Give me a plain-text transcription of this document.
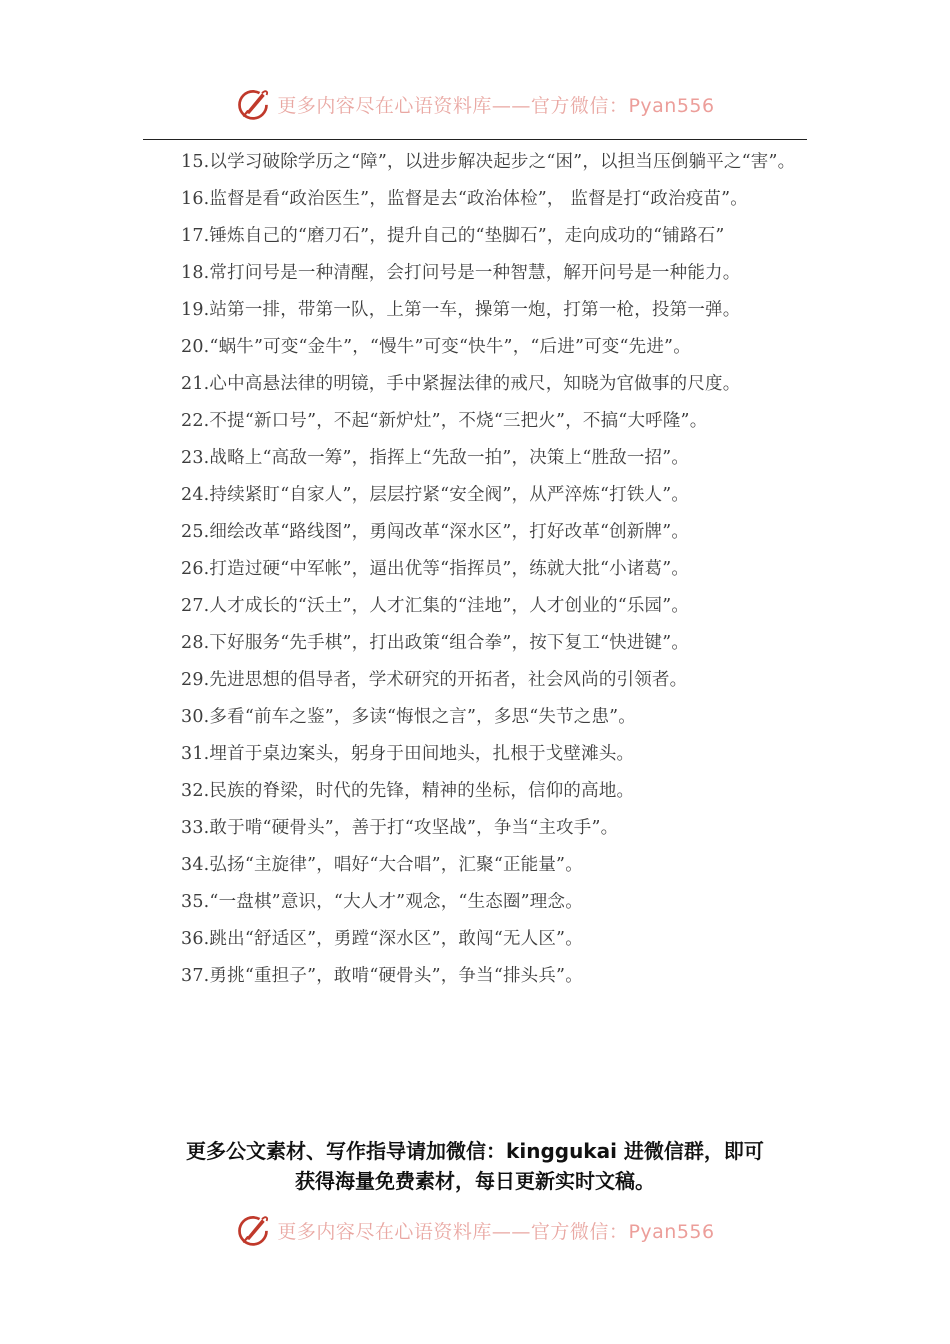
更多内容尽在心语资料库——官方微信：Pyan556

15.以学习破除学历之“障”，以进步解决起步之“困”，以担当压倒躺平之“害”。

16.监督是看“政治医生”，监督是去“政治体检”， 监督是打“政治疫苗”。

17.锤炼自己的“磨刀石”，提升自己的“垫脚石”，走向成功的“铺路石”

18.常打问号是一种清醒，会打问号是一种智慧，解开问号是一种能力。

19.站第一排，带第一队，上第一车，操第一炮，打第一枪，投第一弹。

20.“蜗牛”可变“金牛”，“慢牛”可变“快牛”，“后进”可变“先进”。

21.心中高悬法律的明镜，手中紧握法律的戒尺，知晓为官做事的尺度。

22.不提“新口号”，不起“新炉灶”，不烧“三把火”，不搞“大呼隆”。

23.战略上“高敌一筹”，指挥上“先敌一拍”，决策上“胜敌一招”。

24.持续紧盯“自家人”，层层拧紧“安全阀”，从严淬炼“打铁人”。

25.细绘改革“路线图”，勇闯改革“深水区”，打好改革“创新牌”。

26.打造过硬“中军帐”，逼出优等“指挥员”，练就大批“小诸葛”。

27.人才成长的“沃土”，人才汇集的“洼地”，人才创业的“乐园”。

28.下好服务“先手棋”，打出政策“组合拳”，按下复工“快进键”。

29.先进思想的倡导者，学术研究的开拓者，社会风尚的引领者。

30.多看“前车之鉴”，多读“悔恨之言”，多思“失节之患”。

31.埋首于桌边案头，躬身于田间地头，扎根于戈壁滩头。

32.民族的脊梁，时代的先锋，精神的坐标，信仰的高地。

33.敢于啃“硬骨头”，善于打“攻坚战”，争当“主攻手”。

34.弘扬“主旋律”，唱好“大合唱”，汇聚“正能量”。

35.“一盘棋”意识，“大人才”观念，“生态圈”理念。

36.跳出“舒适区”，勇蹚“深水区”，敢闯“无人区”。

37.勇挑“重担子”，敢啃“硬骨头”，争当“排头兵”。

更多公文素材、写作指导请加微信：kinggukai 进微信群，即可
获得海量免费素材，每日更新实时文稿。
更多内容尽在心语资料库——官方微信：Pyan556
